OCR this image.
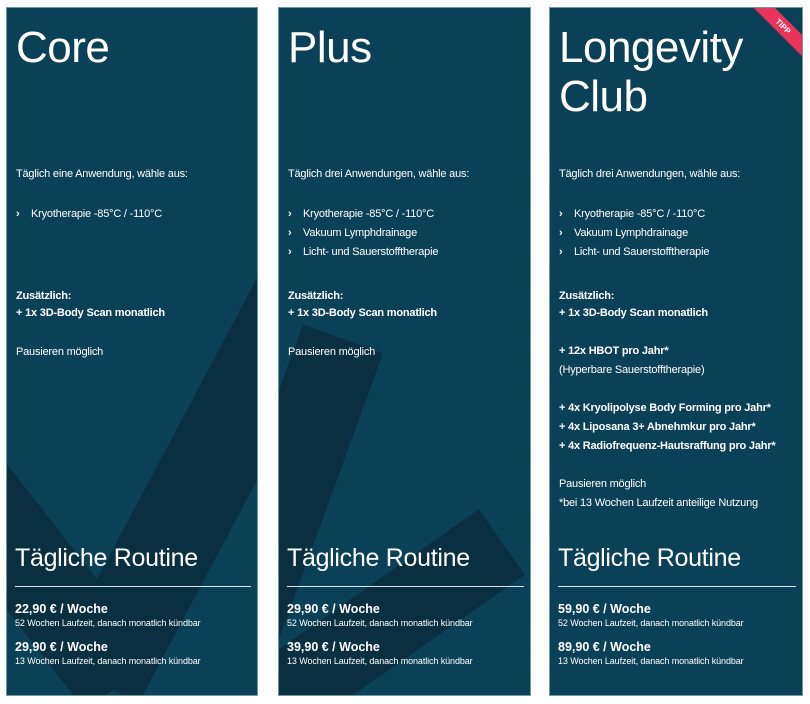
Core
Täglich eine Anwendung, wähle aus:
› Kryotherapie -85°C / -110°C
Zusätzlich:
+ 1x 3D-Body Scan monatlich
Pausieren möglich
Tägliche Routine
22,90 € / Woche
52 Wochen Laufzeit, danach monatlich kündbar
29,90 € / Woche
13 Wochen Laufzeit, danach monatlich kündbar
Plus
Täglich drei Anwendungen, wähle aus:
› Kryotherapie -85°C / -110°C
› Vakuum Lymphdrainage
› Licht- und Sauerstofftherapie
Zusätzlich:
+ 1x 3D-Body Scan monatlich
Pausieren möglich
Tägliche Routine
29,90 € / Woche
52 Wochen Laufzeit, danach monatlich kündbar
39,90 € / Woche
13 Wochen Laufzeit, danach monatlich kündbar
TIPP
Longevity
Club
Täglich drei Anwendungen, wähle aus:
› Kryotherapie -85°C / -110°C
› Vakuum Lymphdrainage
› Licht- und Sauerstofftherapie
Zusätzlich:
+ 1x 3D-Body Scan monatlich
+ 12x HBOT pro Jahr*
(Hyperbare Sauerstofftherapie)
+ 4x Kryolipolyse Body Forming pro Jahr*
+ 4x Liposana 3+ Abnehmkur pro Jahr*
+ 4x Radiofrequenz-Hautsraffung pro Jahr*
Pausieren möglich
*bei 13 Wochen Laufzeit anteilige Nutzung
Tägliche Routine
59,90 € / Woche
52 Wochen Laufzeit, danach monatlich kündbar
89,90 € / Woche
13 Wochen Laufzeit, danach monatlich kündbar
